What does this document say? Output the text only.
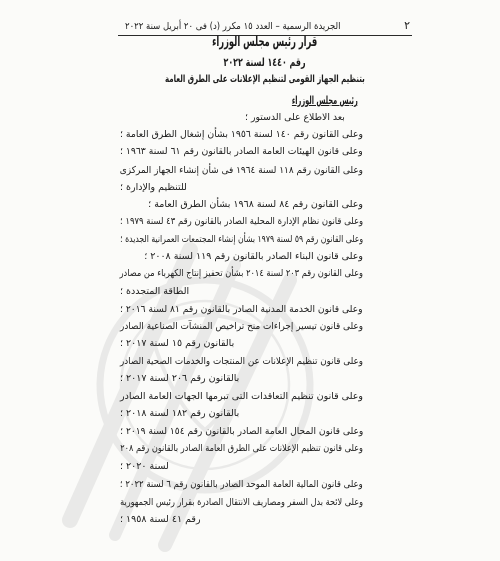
٢
الجريدة الرسمية – العدد ١٥ مكرر (د) فى ٢٠ أبريل سنة ٢٠٢٢
قرار رئيس مجلس الوزراء
رقم ١٤٤٠ لسنة ٢٠٢٢
بتنظيم الجهاز القومى لتنظيم الإعلانات على الطرق العامة
رئيس مجلس الوزراء
بعد الاطلاع على الدستور ؛
وعلى القانون رقم ١٤٠ لسنة ١٩٥٦ بشأن إشغال الطرق العامة ؛
وعلى قانون الهيئات العامة الصادر بالقانون رقم ٦١ لسنة ١٩٦٣ ؛
وعلى القانون رقم ١١٨ لسنة ١٩٦٤ فى شأن إنشاء الجهاز المركزى
للتنظيم والإدارة ؛
وعلى القانون رقم ٨٤ لسنة ١٩٦٨ بشأن الطرق العامة ؛
وعلى قانون نظام الإدارة المحلية الصادر بالقانون رقم ٤٣ لسنة ١٩٧٩ ؛
وعلى القانون رقم ٥٩ لسنة ١٩٧٩ بشأن إنشاء المجتمعات العمرانية الجديدة ؛
وعلى قانون البناء الصادر بالقانون رقم ١١٩ لسنة ٢٠٠٨ ؛
وعلى القانون رقم ٢٠٣ لسنة ٢٠١٤ بشأن تحفيز إنتاج الكهرباء من مصادر
الطاقة المتجددة ؛
وعلى قانون الخدمة المدنية الصادر بالقانون رقم ٨١ لسنة ٢٠١٦ ؛
وعلى قانون تيسير إجراءات منح تراخيص المنشآت الصناعية الصادر
بالقانون رقم ١٥ لسنة ٢٠١٧ ؛
وعلى قانون تنظيم الإعلانات عن المنتجات والخدمات الصحية الصادر
بالقانون رقم ٢٠٦ لسنة ٢٠١٧ ؛
وعلى قانون تنظيم التعاقدات التى تبرمها الجهات العامة الصادر
بالقانون رقم ١٨٢ لسنة ٢٠١٨ ؛
وعلى قانون المحال العامة الصادر بالقانون رقم ١٥٤ لسنة ٢٠١٩ ؛
وعلى قانون تنظيم الإعلانات على الطرق العامة الصادر بالقانون رقم ٢٠٨
لسنة ٢٠٢٠ ؛
وعلى قانون المالية العامة الموحد الصادر بالقانون رقم ٦ لسنة ٢٠٢٢ ؛
وعلى لائحة بدل السفر ومصاريف الانتقال الصادرة بقرار رئيس الجمهورية
رقم ٤١ لسنة ١٩٥٨ ؛
